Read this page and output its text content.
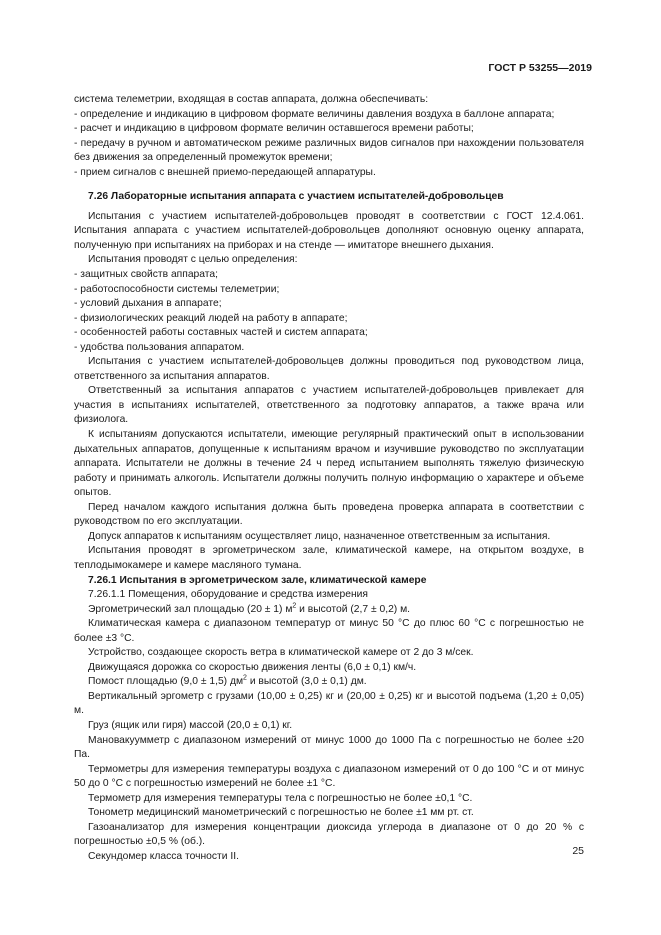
ГОСТ Р 53255—2019

система телеметрии, входящая в состав аппарата, должна обеспечивать:

- определение и индикацию в цифровом формате величины давления воздуха в баллоне аппарата;

- расчет и индикацию в цифровом формате величин оставшегося времени работы;

- передачу в ручном и автоматическом режиме различных видов сигналов при нахождении пользователя без движения за определенный промежуток времени;

- прием сигналов с внешней приемо-передающей аппаратуры.

7.26 Лабораторные испытания аппарата с участием испытателей-добровольцев

Испытания с участием испытателей-добровольцев проводят в соответствии с ГОСТ 12.4.061. Испытания аппарата с участием испытателей-добровольцев дополняют основную оценку аппарата, полученную при испытаниях на приборах и на стенде — имитаторе внешнего дыхания.

Испытания проводят с целью определения:

- защитных свойств аппарата;

- работоспособности системы телеметрии;

- условий дыхания в аппарате;

- физиологических реакций людей на работу в аппарате;

- особенностей работы составных частей и систем аппарата;

- удобства пользования аппаратом.

Испытания с участием испытателей-добровольцев должны проводиться под руководством лица, ответственного за испытания аппаратов.

Ответственный за испытания аппаратов с участием испытателей-добровольцев привлекает для участия в испытаниях испытателей, ответственного за подготовку аппаратов, а также врача или физиолога.

К испытаниям допускаются испытатели, имеющие регулярный практический опыт в использовании дыхательных аппаратов, допущенные к испытаниям врачом и изучившие руководство по эксплуатации аппарата. Испытатели не должны в течение 24 ч перед испытанием выполнять тяжелую физическую работу и принимать алкоголь. Испытатели должны получить полную информацию о характере и объеме опытов.

Перед началом каждого испытания должна быть проведена проверка аппарата в соответствии с руководством по его эксплуатации.

Допуск аппаратов к испытаниям осуществляет лицо, назначенное ответственным за испытания.

Испытания проводят в эргометрическом зале, климатической камере, на открытом воздухе, в теплодымокамере и камере масляного тумана.

7.26.1 Испытания в эргометрическом зале, климатической камере

7.26.1.1 Помещения, оборудование и средства измерения

Эргометрический зал площадью (20 ± 1) $м^2$ и высотой (2,7 ± 0,2) м.

Климатическая камера с диапазоном температур от минус 50 °С до плюс 60 °С с погрешностью не более ±3 °С.

Устройство, создающее скорость ветра в климатической камере от 2 до 3 м/сек.

Движущаяся дорожка со скоростью движения ленты (6,0 ± 0,1) км/ч.

Помост площадью (9,0 ± 1,5) $дм^2$ и высотой (3,0 ± 0,1) дм.

Вертикальный эргометр с грузами (10,00 ± 0,25) кг и (20,00 ± 0,25) кг и высотой подъема (1,20 ± 0,05) м.

Груз (ящик или гиря) массой (20,0 ± 0,1) кг.

Мановакуумметр с диапазоном измерений от минус 1000 до 1000 Па с погрешностью не более ±20 Па.

Термометры для измерения температуры воздуха с диапазоном измерений от 0 до 100 °С и от минус 50 до 0 °С с погрешностью измерений не более ±1 °С.

Термометр для измерения температуры тела с погрешностью не более ±0,1 °С.

Тонометр медицинский манометрический с погрешностью не более ±1 мм рт. ст.

Газоанализатор для измерения концентрации диоксида углерода в диапазоне от 0 до 20 % с погрешностью ±0,5 % (об.).

Секундомер класса точности II.	25
